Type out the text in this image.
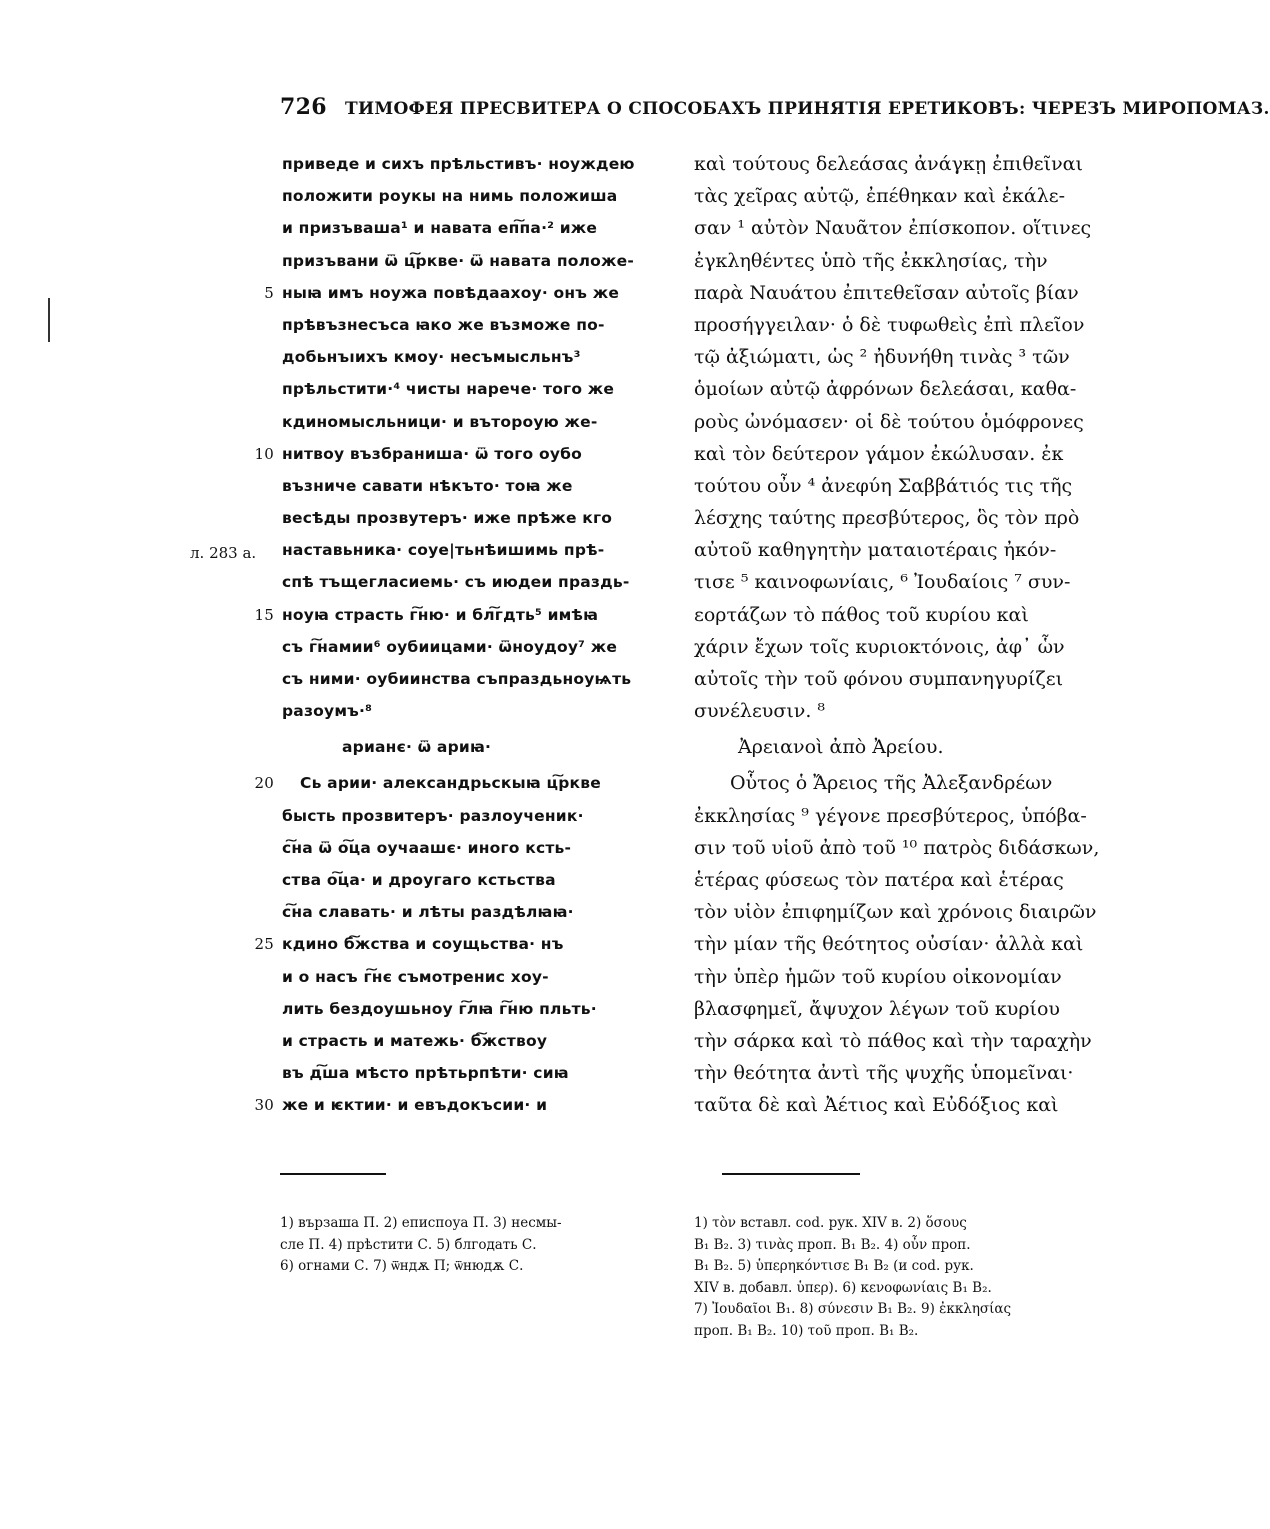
726 ТИМОФЕЯ ПРЕСВИТЕРА О СПОСОБАХЪ ПРИНЯТІЯ ЕРЕТИКОВЪ: ЧЕРЕЗЪ МИРОПОМАЗ.
л. 283 а.
приведе и сихъ прѣльстивъ· ноуждею
положити роукы на нимь положиша
и призъваша¹ и навата еп͠па·² иже
призъвани ѿ ц͠ркве· ѿ навата положе-
5 ныꙗ имъ ноужа повѣдаахоу· онъ же
прѣвъзнесъса ꙗко же възможе по-
добьнъıихъ кмоу· несъмысльнъ³
прѣльстити·⁴ чисты нарече· того же
кдиномысльници· и вътороую же-
10 нитвоу възбраниша· ѿ того оубо
възниче савати нѣкъто· тоꙗ же
весѣды прозвутеръ· иже прѣже кго
наставьника· соуе|тьнѣишимь прѣ-
спѣ тъщегласиемь· съ июдеи праздь-
15 ноуꙗ страсть г͠ню· и бл͠гдть⁵ имѣꙗ
съ г͠намии⁶ оубиицами· ѿноудоу⁷ же
съ ними· оубиинства съпраздьноуѩть
разоумъ·⁸
арианє· ѿ ариꙗ·
20 Сь арии· александрьскыꙗ ц͠ркве
бысть прозвитеръ· разлоученик·
с͠на ѿ о͠ца оучаашє· иного ксть-
ства о͠ца· и дроугаго кстьства
с͠на славать· и лѣты раздѣлꙗꙗ·
25 кдино б͠жства и соущьства· нъ
и о насъ г͠нє съмотренис хоу-
лить бездоушьноу г͠лꙗ г͠ню пльть·
и страсть и матежь· б͠жствоу
въ д͠ша мѣсто прѣтьрпѣти· сиꙗ
30 же и ѥктии· и евъдокъсии· и
καὶ τούτους δελεάσας ἀνάγκῃ ἐπιθεῖναι
τὰς χεῖρας αὐτῷ, ἐπέθηκαν καὶ ἐκάλε-
σαν ¹ αὐτὸν Ναυᾶτον ἐπίσκοπον. οἵτινες
ἐγκληθέντες ὑπὸ τῆς ἐκκλησίας, τὴν
παρὰ Ναυάτου ἐπιτεθεῖσαν αὐτοῖς βίαν
προσήγγειλαν· ὁ δὲ τυφωθεὶς ἐπὶ πλεῖον
τῷ ἀξιώματι, ὡς ² ἠδυνήθη τινὰς ³ τῶν
ὁμοίων αὐτῷ ἀφρόνων δελεάσαι, καθα-
ροὺς ὠνόμασεν· οἱ δὲ τούτου ὁμόφρονες
καὶ τὸν δεύτερον γάμον ἐκώλυσαν. ἐκ
τούτου οὖν ⁴ ἀνεφύη Σαββάτιός τις τῆς
λέσχης ταύτης πρεσβύτερος, ὃς τὸν πρὸ
αὐτοῦ καθηγητὴν ματαιοτέραις ἠκόν-
τισε ⁵ καινοφωνίαις, ⁶ Ἰουδαίοις ⁷ συν-
εορτάζων τὸ πάθος τοῦ κυρίου καὶ
χάριν ἔχων τοῖς κυριοκτόνοις, ἀφ᾽ ὧν
αὐτοῖς τὴν τοῦ φόνου συμπανηγυρίζει
συνέλευσιν. ⁸
Ἀρειανοὶ ἀπὸ Ἀρείου.
Οὗτος ὁ Ἄρειος τῆς Ἀλεξανδρέων
ἐκκλησίας ⁹ γέγονε πρεσβύτερος, ὑπόβα-
σιν τοῦ υἱοῦ ἀπὸ τοῦ ¹⁰ πατρὸς διδάσκων,
ἑτέρας φύσεως τὸν πατέρα καὶ ἑτέρας
τὸν υἱὸν ἐπιφημίζων καὶ χρόνοις διαιρῶν
τὴν μίαν τῆς θεότητος οὐσίαν· ἀλλὰ καὶ
τὴν ὑπὲρ ἡμῶν τοῦ κυρίου οἰκονομίαν
βλασφημεῖ, ἄψυχον λέγων τοῦ κυρίου
τὴν σάρκα καὶ τὸ πάθος καὶ τὴν ταραχὴν
τὴν θεότητα ἀντὶ τῆς ψυχῆς ὑπομεῖναι·
ταῦτα δὲ καὶ Ἀέτιος καὶ Εὐδόξιος καὶ
1) вързаша П. 2) еписпоуа П. 3) несмы-
сле П. 4) прѣстити С. 5) блгодать С.
6) огнами С. 7) ѿндѫ П; ѿнюдѫ С.
1) τὸν вставл. cod. рук. XIV в. 2) ὅσους
B₁ B₂. 3) τινὰς проп. B₁ B₂. 4) οὖν проп.
B₁ B₂. 5) ὑπερηκόντισε B₁ B₂ (и cod. рук.
XIV в. добавл. ὑπερ). 6) κενοφωνίαις B₁ B₂.
7) Ἰουδαῖοι B₁. 8) σύνεσιν B₁ B₂. 9) ἐκκλησίας
проп. B₁ B₂. 10) τοῦ проп. B₁ B₂.
